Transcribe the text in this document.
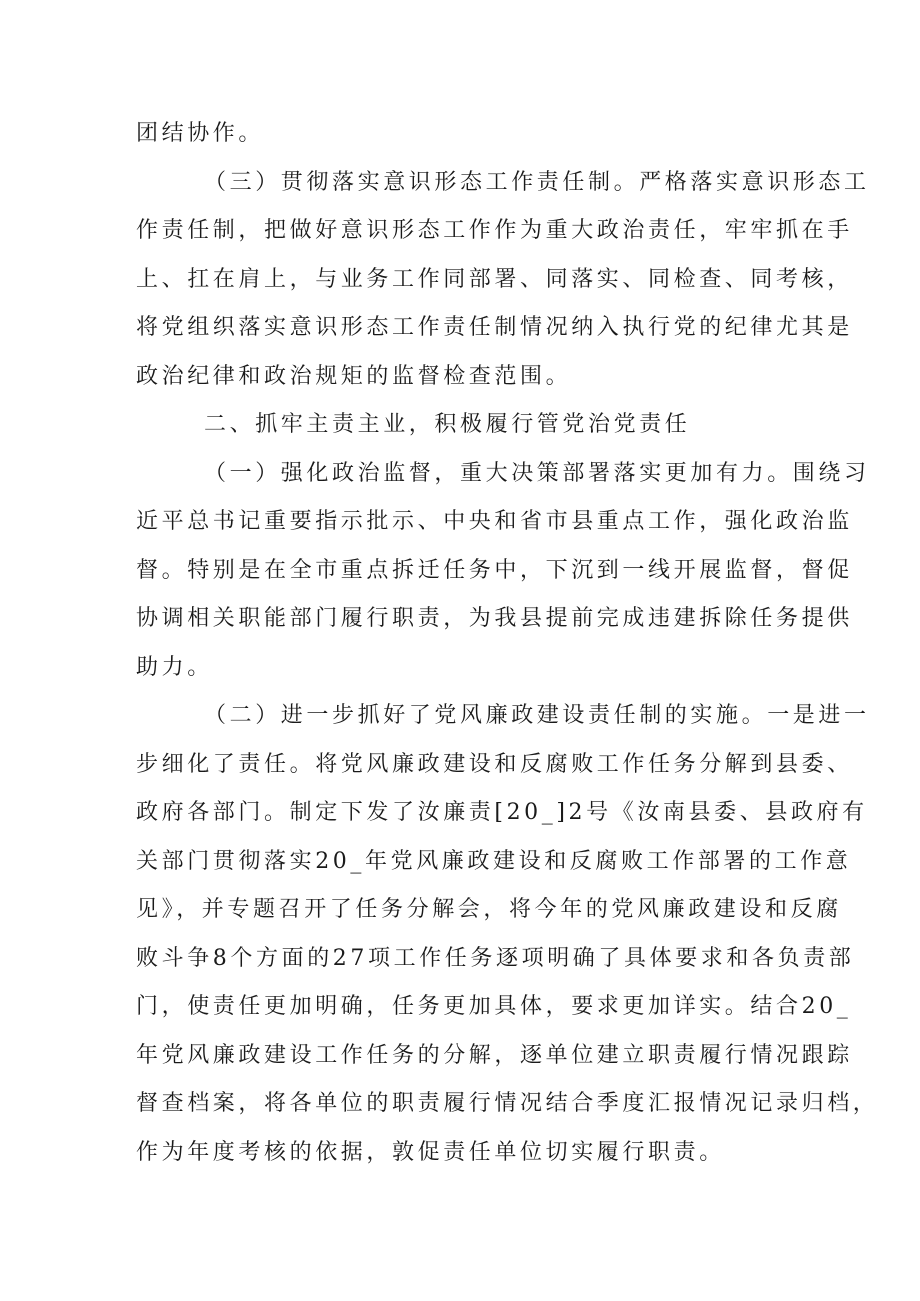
团结协作。
（三）贯彻落实意识形态工作责任制。严格落实意识形态工
作责任制，把做好意识形态工作作为重大政治责任，牢牢抓在手
上、扛在肩上，与业务工作同部署、同落实、同检查、同考核，
将党组织落实意识形态工作责任制情况纳入执行党的纪律尤其是
政治纪律和政治规矩的监督检查范围。
二、抓牢主责主业，积极履行管党治党责任
（一）强化政治监督，重大决策部署落实更加有力。围绕习
近平总书记重要指示批示、中央和省市县重点工作，强化政治监
督。特别是在全市重点拆迁任务中，下沉到一线开展监督，督促
协调相关职能部门履行职责，为我县提前完成违建拆除任务提供
助力。
（二）进一步抓好了党风廉政建设责任制的实施。一是进一
步细化了责任。将党风廉政建设和反腐败工作任务分解到县委、
政府各部门。制定下发了汝廉责[20_]2号《汝南县委、县政府有
关部门贯彻落实20_年党风廉政建设和反腐败工作部署的工作意
见》，并专题召开了任务分解会，将今年的党风廉政建设和反腐
败斗争8个方面的27项工作任务逐项明确了具体要求和各负责部
门，使责任更加明确，任务更加具体，要求更加详实。结合20_
年党风廉政建设工作任务的分解，逐单位建立职责履行情况跟踪
督查档案，将各单位的职责履行情况结合季度汇报情况记录归档，
作为年度考核的依据，敦促责任单位切实履行职责。
